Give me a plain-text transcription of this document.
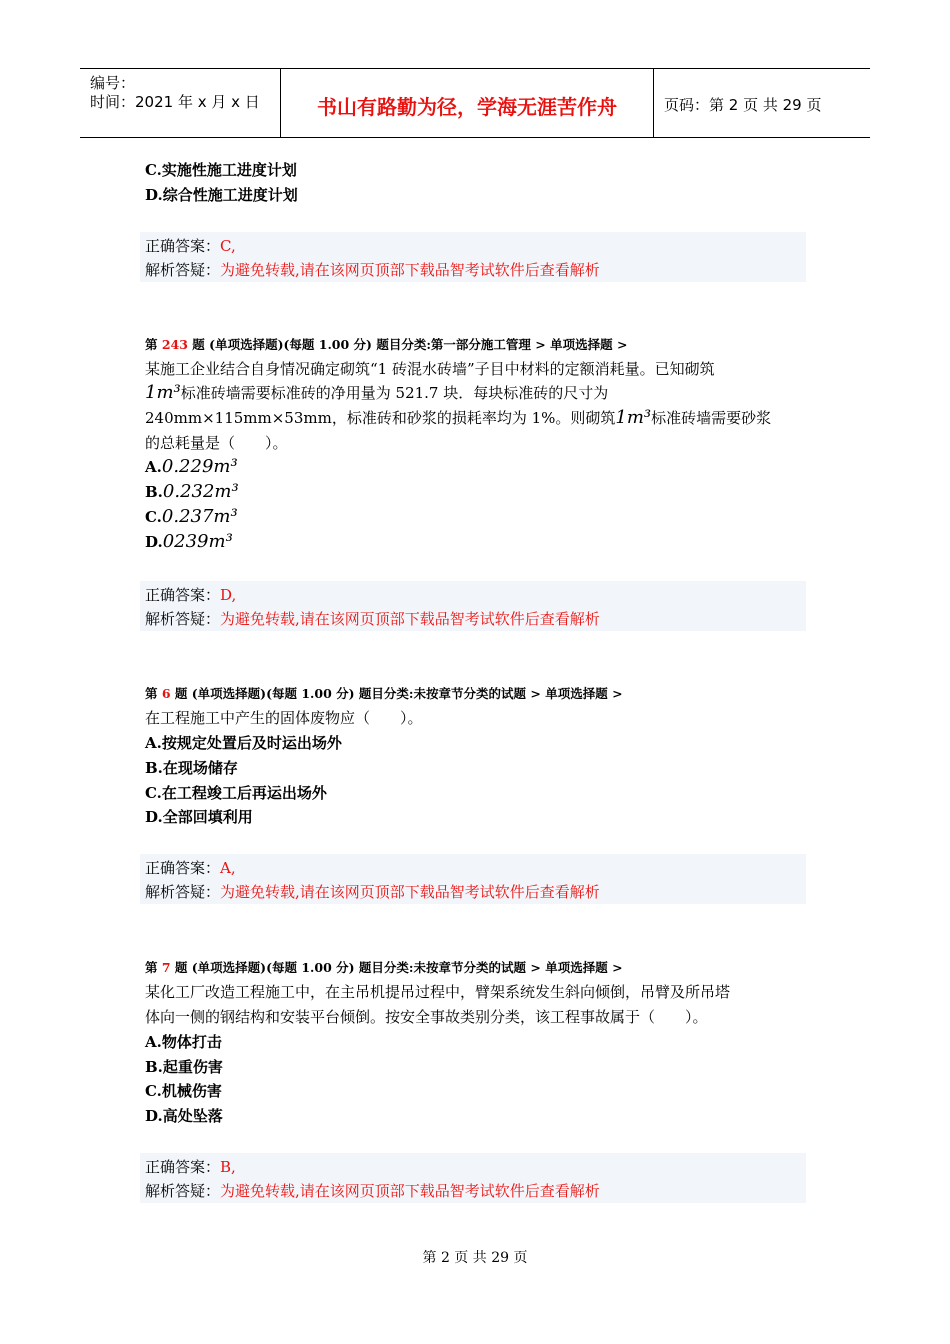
编号：
时间：2021 年 x 月 x 日	书山有路勤为径，学海无涯苦作舟	页码：第 2 页 共 29 页
C.实施性施工进度计划
D.综合性施工进度计划
正确答案：C,
解析答疑：为避免转载,请在该网页顶部下载品智考试软件后查看解析
第 243 题 (单项选择题)(每题 1.00 分) 题目分类:第一部分施工管理 > 单项选择题 >
某施工企业结合自身情况确定砌筑“1 砖混水砖墙”子目中材料的定额消耗量。已知砌筑
1m³标准砖墙需要标准砖的净用量为 521.7 块．每块标准砖的尺寸为
240mm×115mm×53mm，标准砖和砂浆的损耗率均为 1%。则砌筑1m³标准砖墙需要砂浆
的总耗量是（　　）。
A.0.229m³
B.0.232m³
C.0.237m³
D.0239m³
正确答案：D,
解析答疑：为避免转载,请在该网页顶部下载品智考试软件后查看解析
第 6 题 (单项选择题)(每题 1.00 分) 题目分类:未按章节分类的试题 > 单项选择题 >
在工程施工中产生的固体废物应（　　）。
A.按规定处置后及时运出场外
B.在现场储存
C.在工程竣工后再运出场外
D.全部回填利用
正确答案：A,
解析答疑：为避免转载,请在该网页顶部下载品智考试软件后查看解析
第 7 题 (单项选择题)(每题 1.00 分) 题目分类:未按章节分类的试题 > 单项选择题 >
某化工厂改造工程施工中，在主吊机提吊过程中，臂架系统发生斜向倾倒，吊臂及所吊塔
体向一侧的钢结构和安装平台倾倒。按安全事故类别分类，该工程事故属于（　　）。
A.物体打击
B.起重伤害
C.机械伤害
D.高处坠落
正确答案：B,
解析答疑：为避免转载,请在该网页顶部下载品智考试软件后查看解析
第 2 页 共 29 页
